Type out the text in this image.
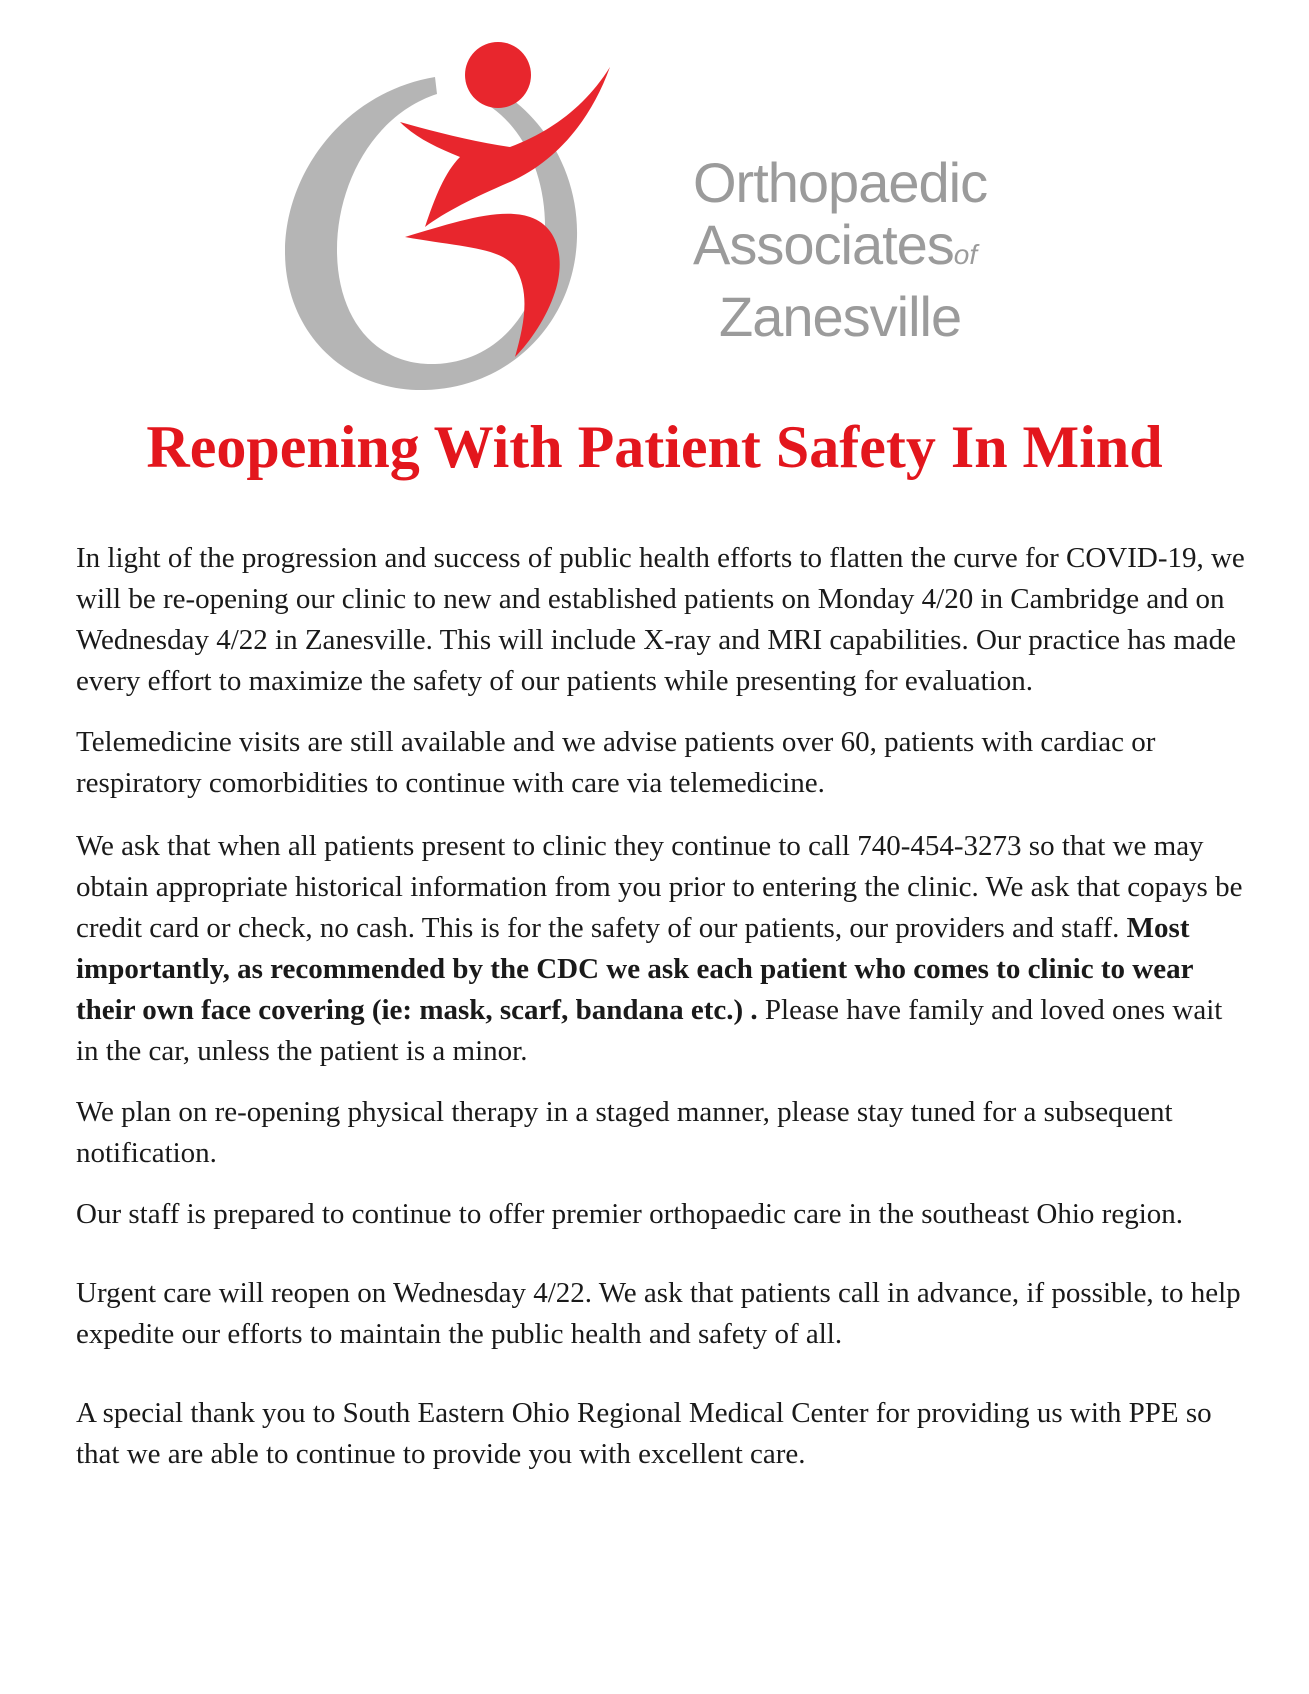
Orthopaedic
Associatesof
Zanesville
Reopening With Patient Safety In Mind

In light of the progression and success of public health efforts to flatten the curve for COVID-19, we will be re-opening our clinic to new and established patients on Monday 4/20 in Cambridge and on Wednesday 4/22 in Zanesville. This will include X-ray and MRI capabilities. Our practice has made every effort to maximize the safety of our patients while presenting for evaluation.

Telemedicine visits are still available and we advise patients over 60, patients with cardiac or respiratory comorbidities to continue with care via telemedicine.

We ask that when all patients present to clinic they continue to call 740-454-3273 so that we may obtain appropriate historical information from you prior to entering the clinic. We ask that copays be credit card or check, no cash. This is for the safety of our patients, our providers and staff. Most importantly, as recommended by the CDC we ask each patient who comes to clinic to wear their own face covering (ie: mask, scarf, bandana etc.) . Please have family and loved ones wait in the car, unless the patient is a minor.

We plan on re-opening physical therapy in a staged manner, please stay tuned for a subsequent notification.

Our staff is prepared to continue to offer premier orthopaedic care in the southeast Ohio region.

Urgent care will reopen on Wednesday 4/22. We ask that patients call in advance, if possible, to help expedite our efforts to maintain the public health and safety of all.

A special thank you to South Eastern Ohio Regional Medical Center for providing us with PPE so that we are able to continue to provide you with excellent care.
